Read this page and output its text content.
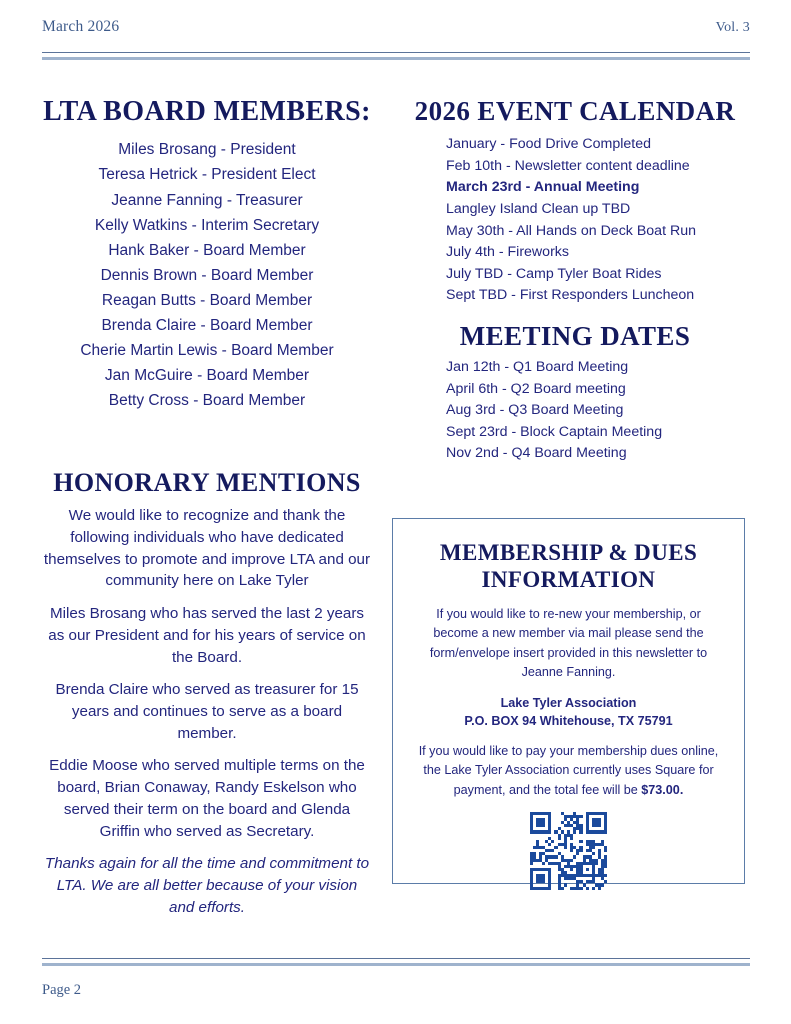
March 2026	Vol. 3
LTA BOARD MEMBERS:
Miles Brosang - President
Teresa Hetrick - President Elect
Jeanne Fanning - Treasurer
Kelly Watkins - Interim Secretary
Hank Baker - Board Member
Dennis Brown - Board Member
Reagan Butts - Board Member
Brenda Claire - Board Member
Cherie Martin Lewis - Board Member
Jan McGuire - Board Member
Betty Cross - Board Member
HONORARY MENTIONS

We would like to recognize and thank the following individuals who have dedicated themselves to promote and improve LTA and our community here on Lake Tyler

Miles Brosang who has served the last 2 years as our President and for his years of service on the Board.

Brenda Claire who served as treasurer for 15 years and continues to serve as a board member.

Eddie Moose who served multiple terms on the board, Brian Conaway, Randy Eskelson who served their term on the board and Glenda Griffin who served as Secretary.

Thanks again for all the time and commitment to LTA. We are all better because of your vision and efforts.

2026 EVENT CALENDAR
January - Food Drive Completed
Feb 10th - Newsletter content deadline
March 23rd - Annual Meeting
Langley Island Clean up TBD
May 30th - All Hands on Deck Boat Run
July 4th - Fireworks
July TBD - Camp Tyler Boat Rides
Sept TBD - First Responders Luncheon
MEETING DATES
Jan 12th - Q1 Board Meeting
April 6th - Q2 Board meeting
Aug 3rd - Q3 Board Meeting
Sept 23rd - Block Captain Meeting
Nov 2nd - Q4 Board Meeting
MEMBERSHIP & DUES
INFORMATION

If you would like to re-new your membership, or become a new member via mail please send the form/envelope insert provided in this newsletter to Jeanne Fanning.

Lake Tyler Association
P.O. BOX 94 Whitehouse, TX 75791

If you would like to pay your membership dues online, the Lake Tyler Association currently uses Square for payment, and the total fee will be $73.00.

Page 2
